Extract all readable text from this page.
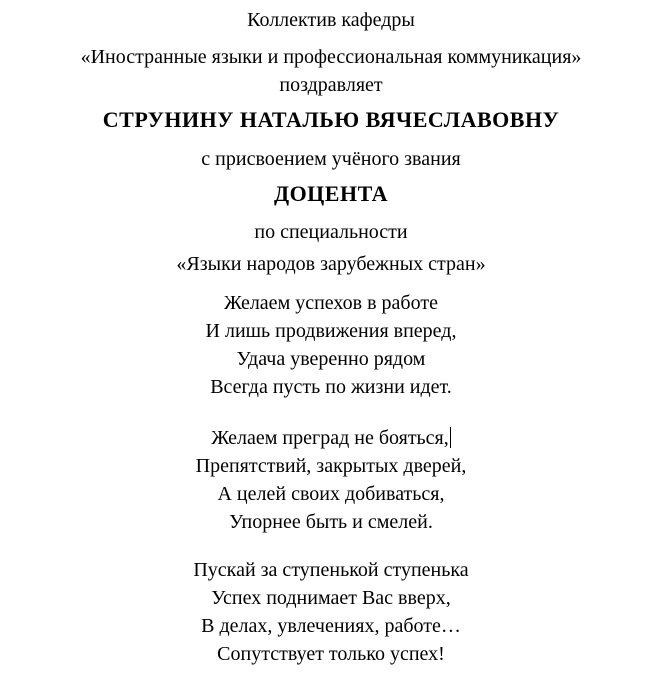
Коллектив кафедры

«Иностранные языки и профессиональная коммуникация»

поздравляет

СТРУНИНУ НАТАЛЬЮ ВЯЧЕСЛАВОВНУ

с присвоением учёного звания

ДОЦЕНТА

по специальности

«Языки народов зарубежных стран»

Желаем успехов в работе

И лишь продвижения вперед,

Удача уверенно рядом

Всегда пусть по жизни идет.

Желаем преград не бояться,

Препятствий, закрытых дверей,

А целей своих добиваться,

Упорнее быть и смелей.

Пускай за ступенькой ступенька

Успех поднимает Вас вверх,

В делах, увлечениях, работе…

Сопутствует только успех!
